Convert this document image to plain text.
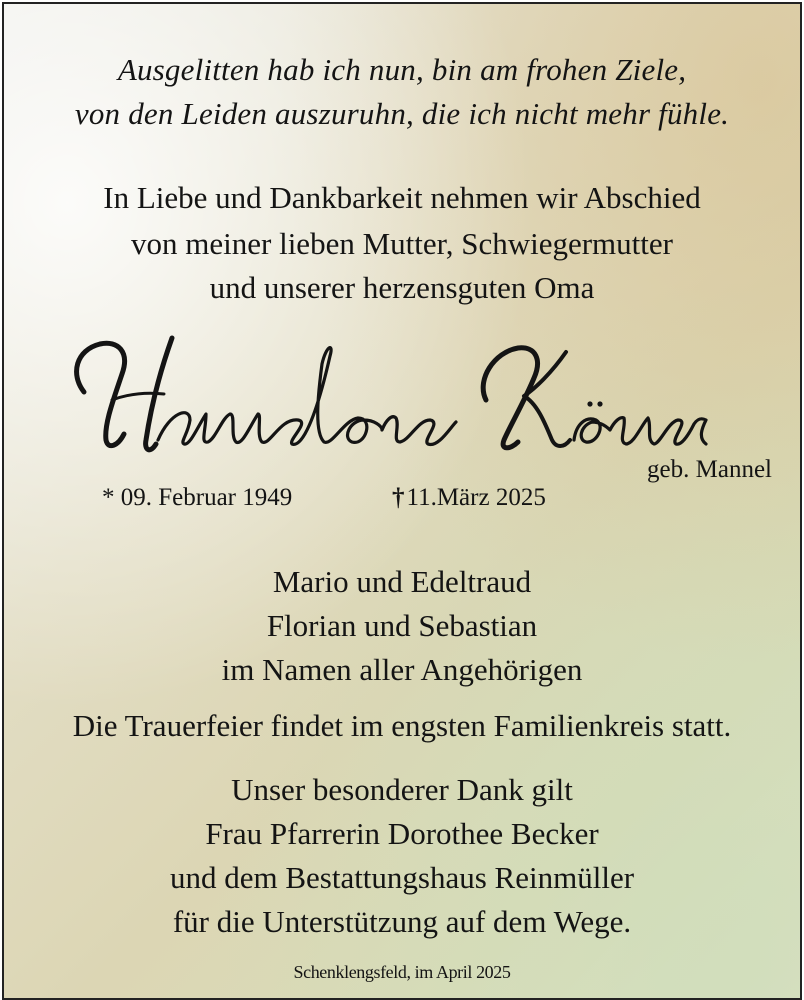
Ausgelitten hab ich nun, bin am frohen Ziele,
von den Leiden auszuruhn, die ich nicht mehr fühle.
In Liebe und Dankbarkeit nehmen wir Abschied
von meiner lieben Mutter, Schwiegermutter
und unserer herzensguten Oma
geb. Mannel
* 09. Februar 1949	†11.März 2025
Mario und Edeltraud
Florian und Sebastian
im Namen aller Angehörigen
Die Trauerfeier findet im engsten Familienkreis statt.
Unser besonderer Dank gilt
Frau Pfarrerin Dorothee Becker
und dem Bestattungshaus Reinmüller
für die Unterstützung auf dem Wege.
Schenklengsfeld, im April 2025
